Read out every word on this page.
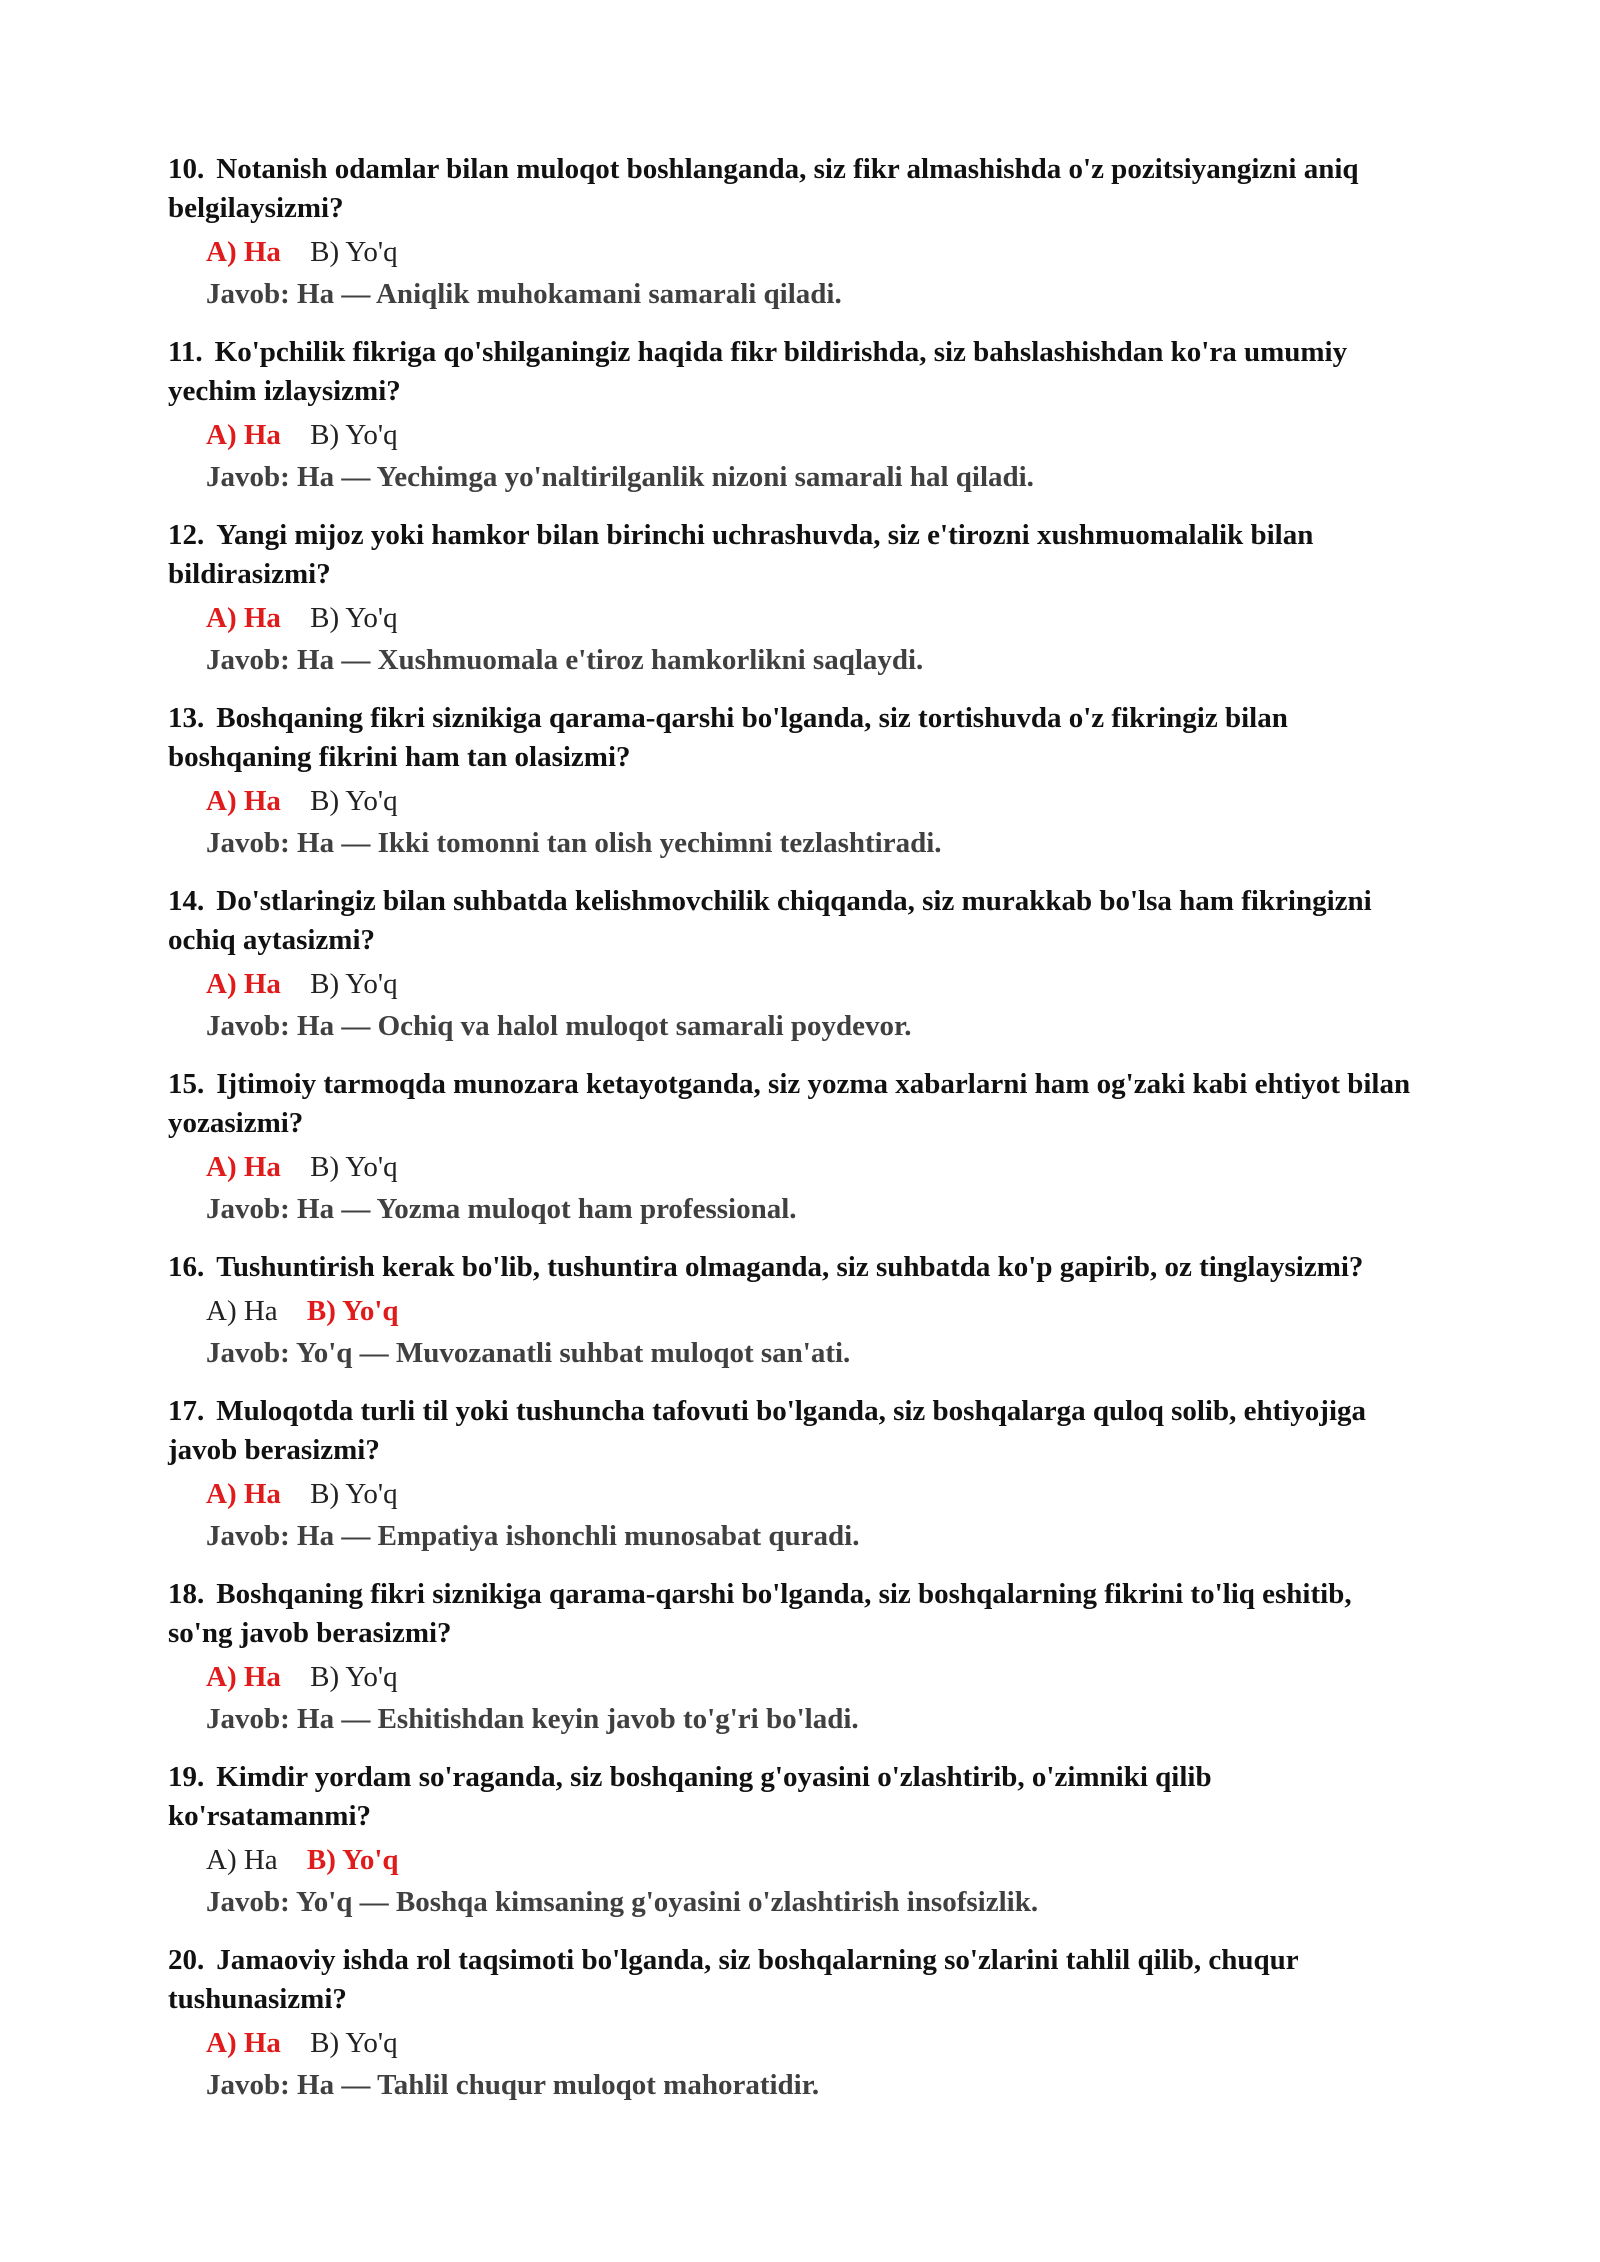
10. Notanish odamlar bilan muloqot boshlanganda, siz fikr almashishda o'z pozitsiyangizni aniq belgilaysizmi?

A) Ha B) Yo'q
Javob: Ha — Aniqlik muhokamani samarali qiladi.

11. Ko'pchilik fikriga qo'shilganingiz haqida fikr bildirishda, siz bahslashishdan ko'ra umumiy yechim izlaysizmi?

A) Ha B) Yo'q
Javob: Ha — Yechimga yo'naltirilganlik nizoni samarali hal qiladi.

12. Yangi mijoz yoki hamkor bilan birinchi uchrashuvda, siz e'tirozni xushmuomalalik bilan bildirasizmi?

A) Ha B) Yo'q
Javob: Ha — Xushmuomala e'tiroz hamkorlikni saqlaydi.

13. Boshqaning fikri siznikiga qarama-qarshi bo'lganda, siz tortishuvda o'z fikringiz bilan boshqaning fikrini ham tan olasizmi?

A) Ha B) Yo'q
Javob: Ha — Ikki tomonni tan olish yechimni tezlashtiradi.

14. Do'stlaringiz bilan suhbatda kelishmovchilik chiqqanda, siz murakkab bo'lsa ham fikringizni ochiq aytasizmi?

A) Ha B) Yo'q
Javob: Ha — Ochiq va halol muloqot samarali poydevor.

15. Ijtimoiy tarmoqda munozara ketayotganda, siz yozma xabarlarni ham og'zaki kabi ehtiyot bilan yozasizmi?

A) Ha B) Yo'q
Javob: Ha — Yozma muloqot ham professional.

16. Tushuntirish kerak bo'lib, tushuntira olmaganda, siz suhbatda ko'p gapirib, oz tinglaysizmi?

A) Ha B) Yo'q
Javob: Yo'q — Muvozanatli suhbat muloqot san'ati.

17. Muloqotda turli til yoki tushuncha tafovuti bo'lganda, siz boshqalarga quloq solib, ehtiyojiga javob berasizmi?

A) Ha B) Yo'q
Javob: Ha — Empatiya ishonchli munosabat quradi.

18. Boshqaning fikri siznikiga qarama-qarshi bo'lganda, siz boshqalarning fikrini to'liq eshitib, so'ng javob berasizmi?

A) Ha B) Yo'q
Javob: Ha — Eshitishdan keyin javob to'g'ri bo'ladi.

19. Kimdir yordam so'raganda, siz boshqaning g'oyasini o'zlashtirib, o'zimniki qilib ko'rsatamanmi?

A) Ha B) Yo'q
Javob: Yo'q — Boshqa kimsaning g'oyasini o'zlashtirish insofsizlik.

20. Jamaoviy ishda rol taqsimoti bo'lganda, siz boshqalarning so'zlarini tahlil qilib, chuqur tushunasizmi?

A) Ha B) Yo'q
Javob: Ha — Tahlil chuqur muloqot mahoratidir.
